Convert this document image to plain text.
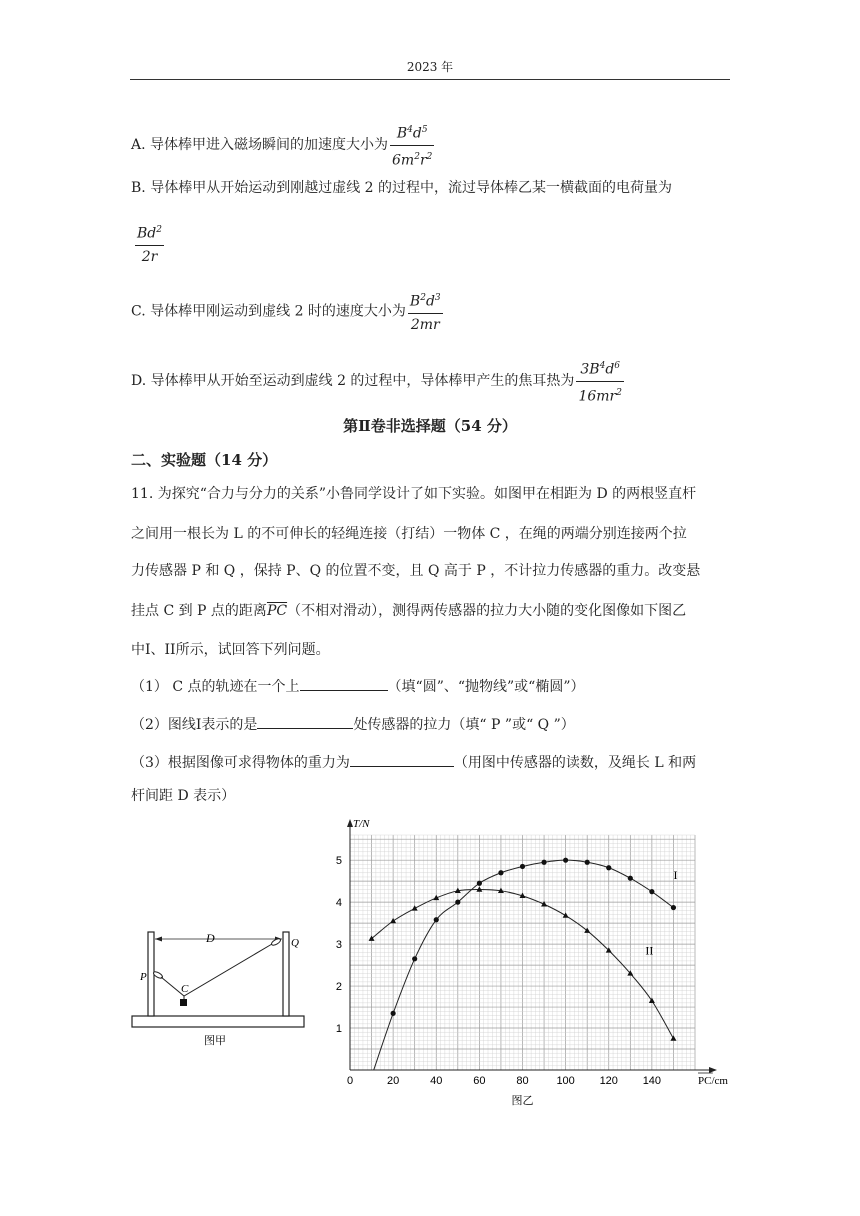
2023 年
A. 导体棒甲进入磁场瞬间的加速度大小为 $\frac{B^4d^5}{6m^2r^2}$
B. 导体棒甲从开始运动到刚越过虚线 2 的过程中，流过导体棒乙某一横截面的电荷量为
$\frac{Bd^2}{2r}$
C. 导体棒甲刚运动到虚线 2 时的速度大小为 $\frac{B^2d^3}{2mr}$
D. 导体棒甲从开始至运动到虚线 2 的过程中，导体棒甲产生的焦耳热为 $\frac{3B^4d^6}{16mr^2}$
第Ⅱ卷非选择题（54 分）
二、实验题（14 分）
11. 为探究“合力与分力的关系”小鲁同学设计了如下实验。如图甲在相距为 D 的两根竖直杆
之间用一根长为 L 的不可伸长的轻绳连接（打结）一物体 C ，在绳的两端分别连接两个拉
力传感器 P 和 Q ，保持 P、Q 的位置不变，且 Q 高于 P ，不计拉力传感器的重力。改变悬
挂点 C 到 P 点的距离$\overline{PC}$（不相对滑动），测得两传感器的拉力大小随的变化图像如下图乙
中I、II所示，试回答下列问题。
（1） C 点的轨迹在一个上	（填“圆”、“抛物线”或“椭圆”）
（2）图线I表示的是	处传感器的拉力（填“ P ”或“ Q ”）
（3）根据图像可求得物体的重力为	（用图中传感器的读数，及绳长 L 和两
杆间距 D 表示）
D
P
Q
C
图甲
0	20	40	60	80	100 120 140
1
2
3
4
5
T/N
PC/cm
图乙
I
II
